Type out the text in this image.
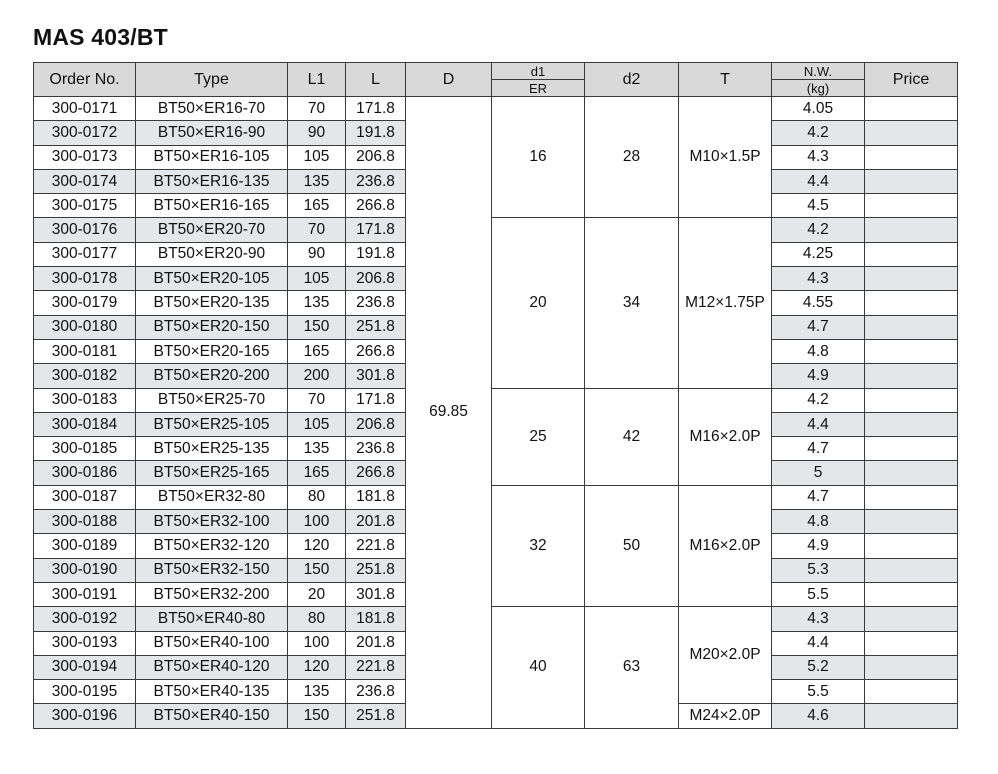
MAS 403/BT
Order No.	Type	L1	L	D	d1	d2	T	N.W.	Price
					ER			(kg)	
300-0171	BT50×ER16-70	70	171.8	69.85	16	28	M10×1.5P	4.05	
300-0172	BT50×ER16-90	90	191.8					4.2	
300-0173	BT50×ER16-105	105	206.8					4.3	
300-0174	BT50×ER16-135	135	236.8					4.4	
300-0175	BT50×ER16-165	165	266.8					4.5	
300-0176	BT50×ER20-70	70	171.8		20	34	M12×1.75P	4.2	
300-0177	BT50×ER20-90	90	191.8					4.25	
300-0178	BT50×ER20-105	105	206.8					4.3	
300-0179	BT50×ER20-135	135	236.8					4.55	
300-0180	BT50×ER20-150	150	251.8					4.7	
300-0181	BT50×ER20-165	165	266.8					4.8	
300-0182	BT50×ER20-200	200	301.8					4.9	
300-0183	BT50×ER25-70	70	171.8		25	42	M16×2.0P	4.2	
300-0184	BT50×ER25-105	105	206.8					4.4	
300-0185	BT50×ER25-135	135	236.8					4.7	
300-0186	BT50×ER25-165	165	266.8					5	
300-0187	BT50×ER32-80	80	181.8		32	50	M16×2.0P	4.7	
300-0188	BT50×ER32-100	100	201.8					4.8	
300-0189	BT50×ER32-120	120	221.8					4.9	
300-0190	BT50×ER32-150	150	251.8					5.3	
300-0191	BT50×ER32-200	20	301.8					5.5	
300-0192	BT50×ER40-80	80	181.8		40	63	M20×2.0P	4.3	
300-0193	BT50×ER40-100	100	201.8					4.4	
300-0194	BT50×ER40-120	120	221.8					5.2	
300-0195	BT50×ER40-135	135	236.8					5.5	
300-0196	BT50×ER40-150	150	251.8				M24×2.0P	4.6	
